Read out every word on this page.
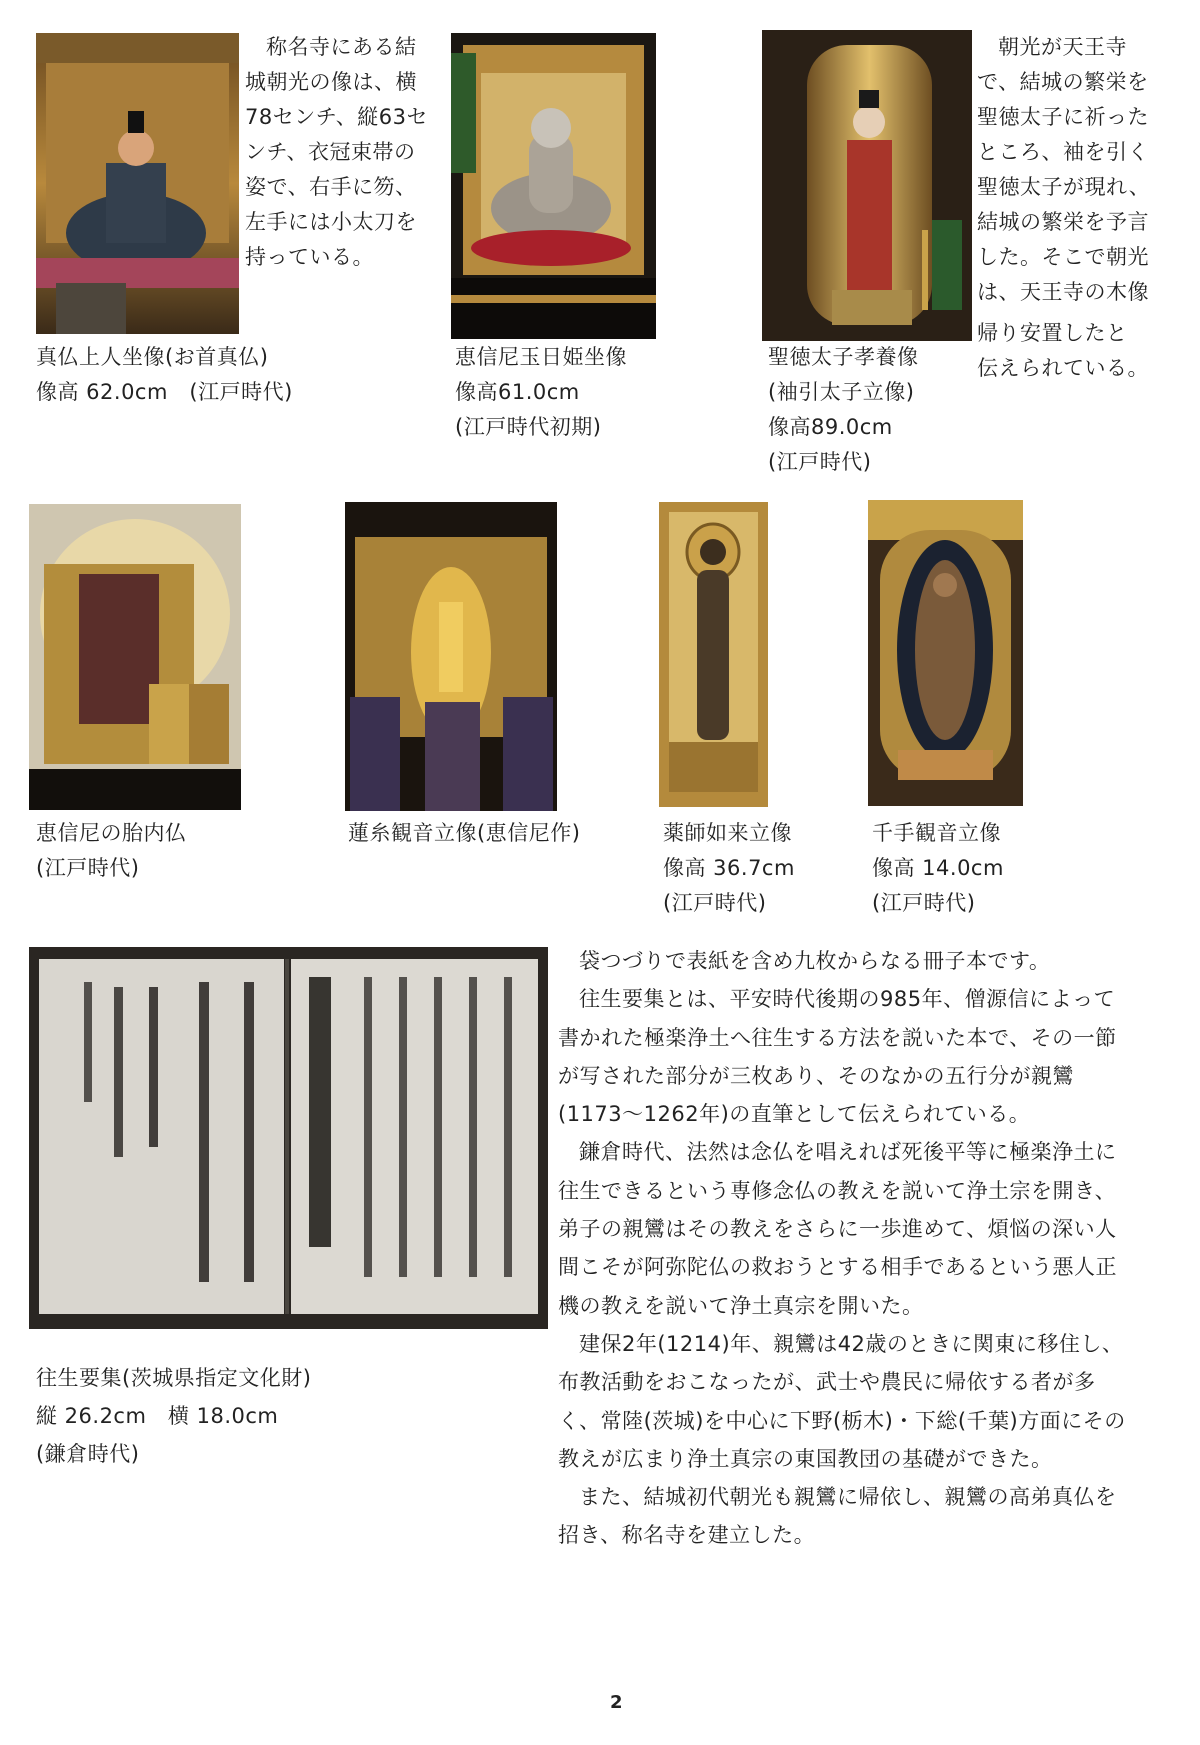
称名寺にある結
城朝光の像は、横
78センチ、縦63セ
ンチ、衣冠束帯の
姿で、右手に笏、
左手には小太刀を
持っている。
真仏上人坐像(お首真仏)
像高 62.0cm　(江戸時代)
恵信尼玉日姫坐像
像高61.0cm
(江戸時代初期)
聖徳太子孝養像
(袖引太子立像)
像高89.0cm
(江戸時代)
朝光が天王寺
で、結城の繁栄を
聖徳太子に祈った
ところ、袖を引く
聖徳太子が現れ、
結城の繁栄を予言
した。そこで朝光
は、天王寺の木像
帰り安置したと
伝えられている。
恵信尼の胎内仏
(江戸時代)
蓮糸観音立像(恵信尼作)	薬師如来立像
像高 36.7cm
(江戸時代)
千手観音立像
像高 14.0cm
(江戸時代)
往生要集(茨城県指定文化財)
縦 26.2cm　横 18.0cm
(鎌倉時代)
袋つづりで表紙を含め九枚からなる冊子本です。
往生要集とは、平安時代後期の985年、僧源信によって
書かれた極楽浄土へ往生する方法を説いた本で、その一節
が写された部分が三枚あり、そのなかの五行分が親鸞
(1173〜1262年)の直筆として伝えられている。
鎌倉時代、法然は念仏を唱えれば死後平等に極楽浄土に
往生できるという専修念仏の教えを説いて浄土宗を開き、
弟子の親鸞はその教えをさらに一歩進めて、煩悩の深い人
間こそが阿弥陀仏の救おうとする相手であるという悪人正
機の教えを説いて浄土真宗を開いた。
建保2年(1214)年、親鸞は42歳のときに関東に移住し、
布教活動をおこなったが、武士や農民に帰依する者が多
く、常陸(茨城)を中心に下野(栃木)・下総(千葉)方面にその
教えが広まり浄土真宗の東国教団の基礎ができた。
また、結城初代朝光も親鸞に帰依し、親鸞の高弟真仏を
招き、称名寺を建立した。
2
